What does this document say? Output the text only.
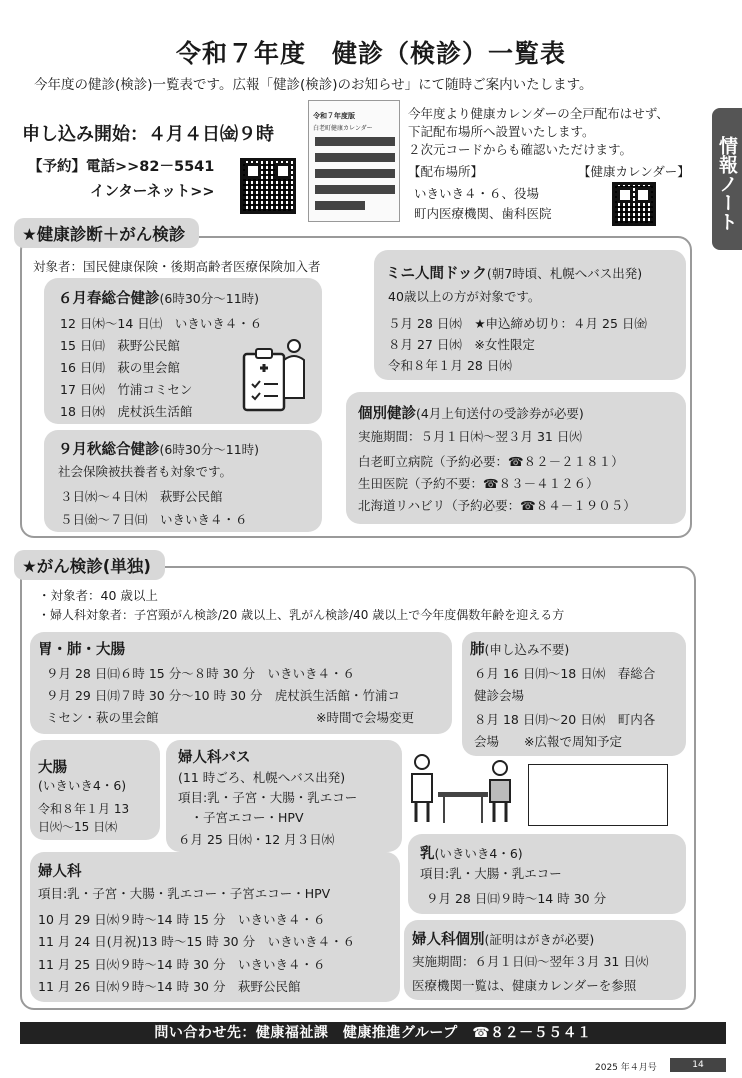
令和７年度　健診（検診）一覧表
今年度の健診(検診)一覧表です。広報「健診(検診)のお知らせ」にて随時ご案内いたします。
申し込み開始：４月４日㈮９時
【予約】電話>>82－5541
インターネット>>
令和７年度版
白老町健康カレンダー
今年度より健康カレンダーの全戸配布はせず、
下記配布場所へ設置いたします。
２次元コードからも確認いただけます。
【配布場所】	【健康カレンダー】
いきいき４・６、役場
町内医療機関、歯科医院	情報ノート
★健康診断＋がん検診
対象者：国民健康保険・後期高齢者医療保険加入者
６月春総合健診(6時30分～11時)
12 日㈭～14 日㈯　いきいき４・６
15 日㈰　萩野公民館
16 日㈪　萩の里会館
17 日㈫　竹浦コミセン
18 日㈬　虎杖浜生活館
９月秋総合健診(6時30分～11時)
社会保険被扶養者も対象です。
３日㈬～４日㈭　萩野公民館
５日㈮～７日㈰　いきいき４・６
ミニ人間ドック(朝7時頃、札幌へバス出発)
40歳以上の方が対象です。
５月 28 日㈬　★申込締め切り：４月 25 日㈮
８月 27 日㈬　※女性限定
令和８年１月 28 日㈬
個別健診(4月上旬送付の受診券が必要)
実施期間：５月１日㈭～翌３月 31 日㈫
白老町立病院（予約必要：☎８２－２１８１）
生田医院（予約不要：☎８３－４１２６）
北海道リハビリ（予約必要：☎８４－１９０５）
★がん検診(単独)
・対象者：40 歳以上
・婦人科対象者：子宮頸がん検診/20 歳以上、乳がん検診/40 歳以上で今年度偶数年齢を迎える方
胃・肺・大腸
９月 28 日㈰６時 15 分～８時 30 分　いきいき４・６
９月 29 日㈪７時 30 分～10 時 30 分　虎杖浜生活館・竹浦コ
ミセン・萩の里会館	※時間で会場変更
肺(申し込み不要)
６月 16 日㈪～18 日㈬　春総合
健診会場
８月 18 日㈪～20 日㈬　町内各
会場　　※広報で周知予定
大腸
(いきいき4・6)
令和８年１月 13
日㈫～15 日㈭
婦人科バス
(11 時ごろ、札幌へバス出発)
項目:乳・子宮・大腸・乳エコー
　・子宮エコー・HPV
６月 25 日㈬・12 月３日㈬
婦人科
項目:乳・子宮・大腸・乳エコー・子宮エコー・HPV
10 月 29 日㈬９時～14 時 15 分　いきいき４・６
11 月 24 日(月祝)13 時～15 時 30 分　いきいき４・６
11 月 25 日㈫９時～14 時 30 分　いきいき４・６
11 月 26 日㈬９時～14 時 30 分　萩野公民館
乳(いきいき4・6)
項目:乳・大腸・乳エコー
９月 28 日㈰９時～14 時 30 分
婦人科個別(証明はがきが必要)
実施期間：６月１日㈰～翌年３月 31 日㈫
医療機関一覧は、健康カレンダーを参照
問い合わせ先：健康福祉課　健康推進グループ　☎８２－５５４１
2025 年４月号	14
